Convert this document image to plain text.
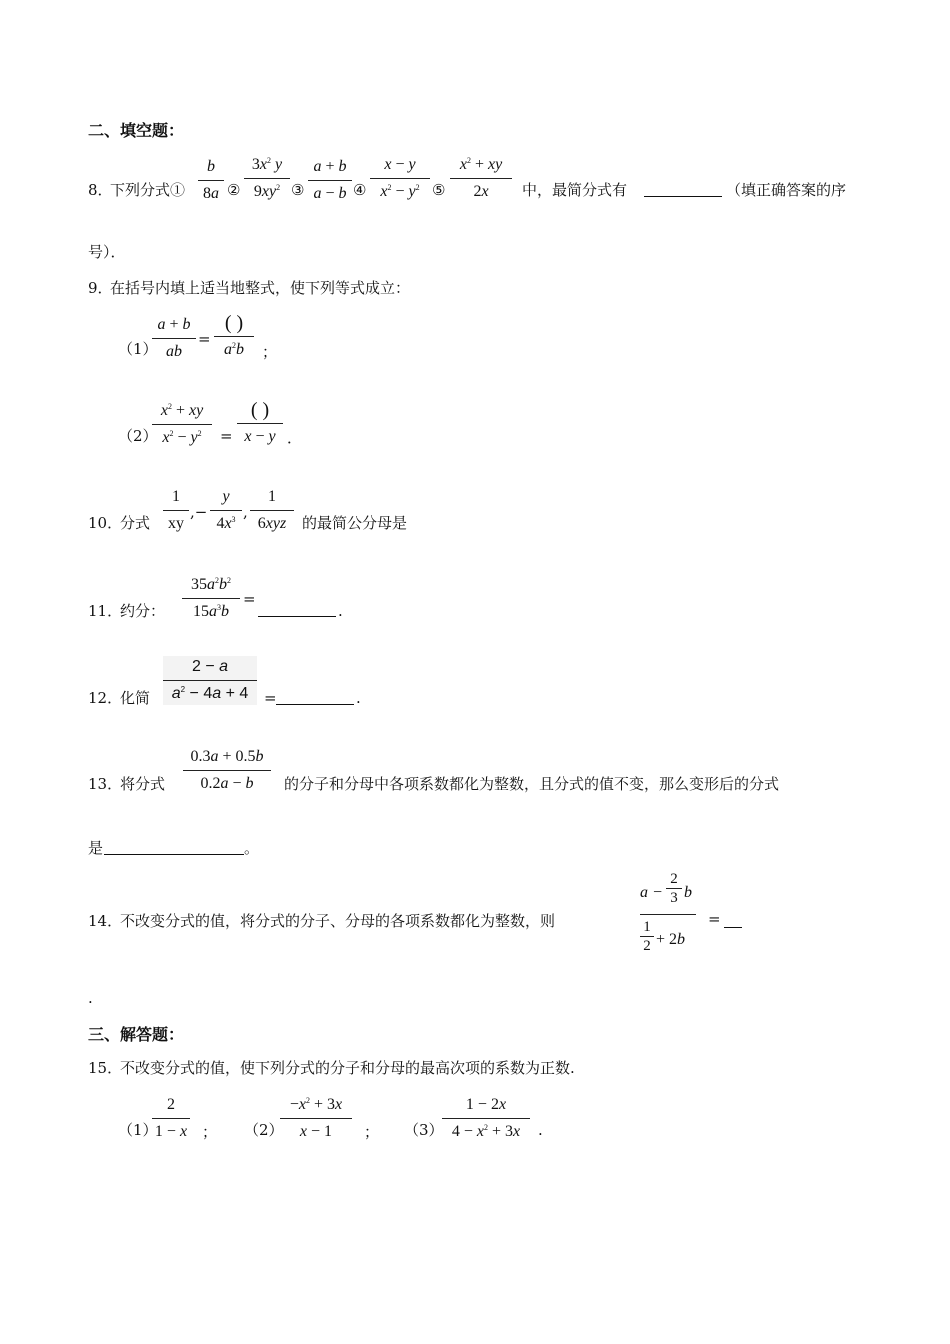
二、填空题：
8．
下列分式①
b
8a ②
$3x^2$ y
$9xy^2$ ③
a + b
a − b ④
x − y
$x^2 - y^2$ ⑤
$x^2$ + xy
2x	中，最简分式有	（填正确答案的序
号）．
9．
在括号内填上适当地整式，使下列等式成立：
（1）
a + b
ab
=
( )
$a^2b$	；
（2）
$x^2$ + xy
$x^2 - y^2$	=
( )
x − y ．
10．
分式
1
xy
,−
y
$4x^3$ ,
1
6xyz	的最简公分母是
11．
约分：
$35a^2b^2$
$15a^3b$
=
.
12．
化简
2 − a
$a^2 - 4a + 4$	=	.
13．
将分式
0.3a + 0.5b
0.2a − b	的分子和分母中各项系数都化为整数，且分式的值不变，那么变形后的分式
是	。
14．
不改变分式的值，将分式的分子、分母的各项系数都化为整数，则
a −
2
3 b
1
2 + 2b
=
.
三、解答题：
15．
不改变分式的值，使下列分式的分子和分母的最高次项的系数为正数.
（1）
2
1 − x ； （2）
$-x^2 + 3x$
x − 1	； （3）
1 − 2x
$4 - x^2 + 3x$	.
